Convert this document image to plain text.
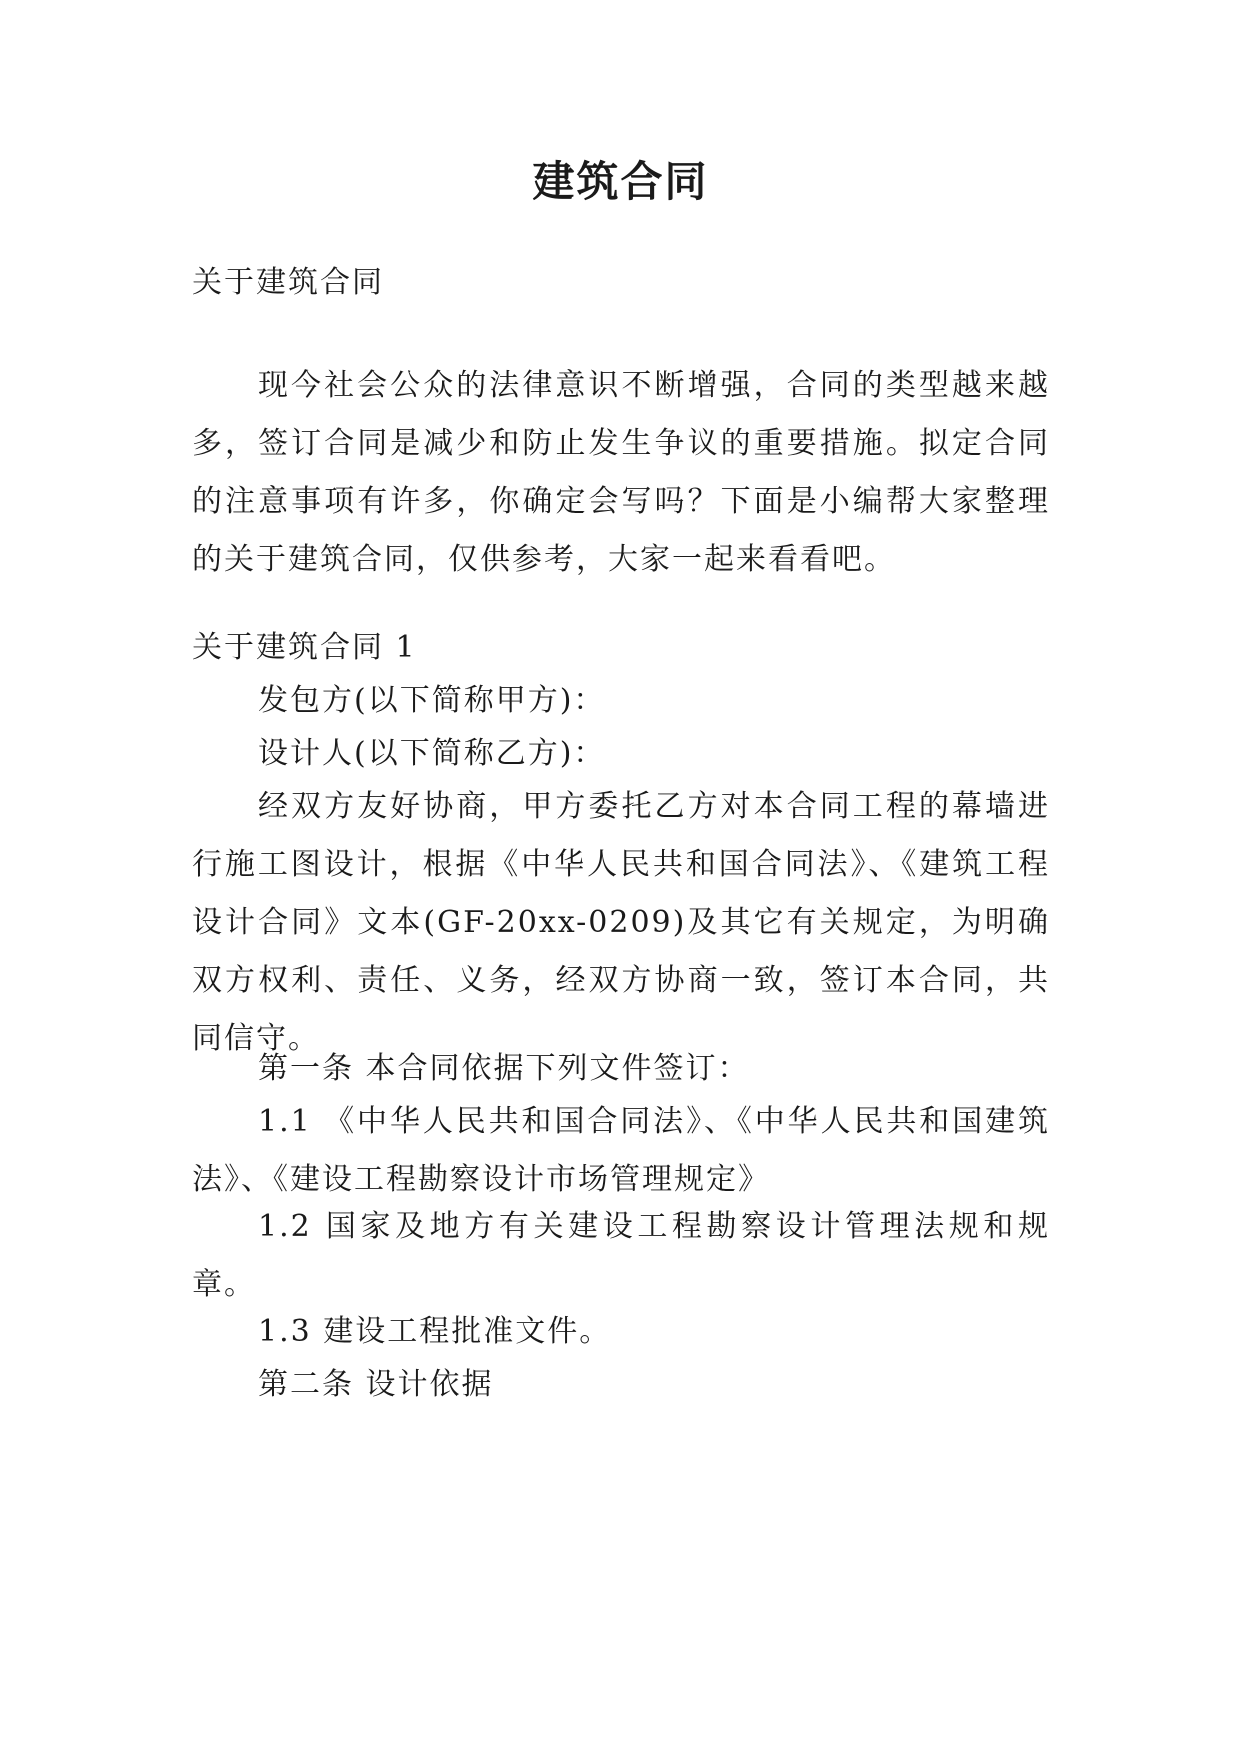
建筑合同

关于建筑合同

现今社会公众的法律意识不断增强，合同的类型越来越多，签订合同是减少和防止发生争议的重要措施。拟定合同的注意事项有许多，你确定会写吗？下面是小编帮大家整理的关于建筑合同，仅供参考，大家一起来看看吧。

关于建筑合同 1

发包方(以下简称甲方)：

设计人(以下简称乙方)：

经双方友好协商，甲方委托乙方对本合同工程的幕墙进行施工图设计，根据《中华人民共和国合同法》、《建筑工程设计合同》文本(GF-20xx-0209)及其它有关规定，为明确双方权利、责任、义务，经双方协商一致，签订本合同，共同信守。

第一条 本合同依据下列文件签订：

1.1 《中华人民共和国合同法》、《中华人民共和国建筑法》、《建设工程勘察设计市场管理规定》

1.2 国家及地方有关建设工程勘察设计管理法规和规章。

1.3 建设工程批准文件。

第二条 设计依据
